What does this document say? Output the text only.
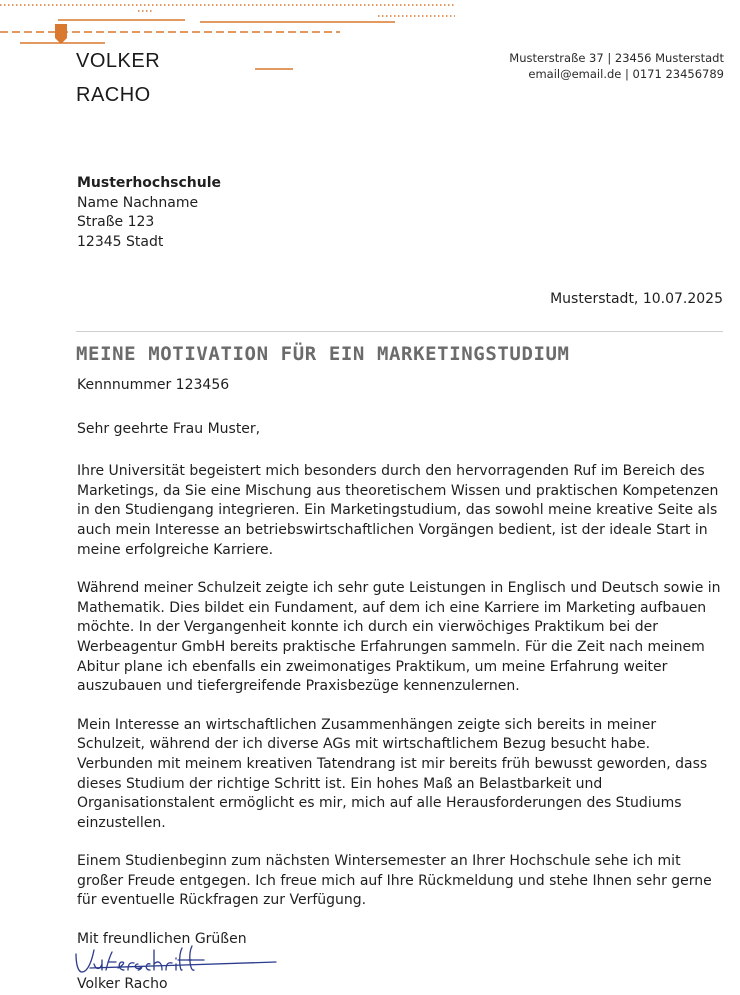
VOLKER
RACHO
Musterstraße 37 | 23456 Musterstadt
email@email.de | 0171 23456789
Musterhochschule
Name Nachname
Straße 123
12345 Stadt
Musterstadt, 10.07.2025
MEINE MOTIVATION FÜR EIN MARKETINGSTUDIUM

Kennnummer 123456

Sehr geehrte Frau Muster,

Ihre Universität begeistert mich besonders durch den hervorragenden Ruf im Bereich des Marketings, da Sie eine Mischung aus theoretischem Wissen und praktischen Kompetenzen in den Studiengang integrieren. Ein Marketingstudium, das sowohl meine kreative Seite als auch mein Interesse an betriebswirtschaftlichen Vorgängen bedient, ist der ideale Start in meine erfolgreiche Karriere.

Während meiner Schulzeit zeigte ich sehr gute Leistungen in Englisch und Deutsch sowie in Mathematik. Dies bildet ein Fundament, auf dem ich eine Karriere im Marketing aufbauen möchte. In der Vergangenheit konnte ich durch ein vierwöchiges Praktikum bei der Werbeagentur GmbH bereits praktische Erfahrungen sammeln. Für die Zeit nach meinem Abitur plane ich ebenfalls ein zweimonatiges Praktikum, um meine Erfahrung weiter auszubauen und tiefergreifende Praxisbezüge kennenzulernen.

Mein Interesse an wirtschaftlichen Zusammenhängen zeigte sich bereits in meiner Schulzeit, während der ich diverse AGs mit wirtschaftlichem Bezug besucht habe. Verbunden mit meinem kreativen Tatendrang ist mir bereits früh bewusst geworden, dass dieses Studium der richtige Schritt ist. Ein hohes Maß an Belastbarkeit und Organisationstalent ermöglicht es mir, mich auf alle Herausforderungen des Studiums einzustellen.

Einem Studienbeginn zum nächsten Wintersemester an Ihrer Hochschule sehe ich mit großer Freude entgegen. Ich freue mich auf Ihre Rückmeldung und stehe Ihnen sehr gerne für eventuelle Rückfragen zur Verfügung.

Mit freundlichen Grüßen

Volker Racho
